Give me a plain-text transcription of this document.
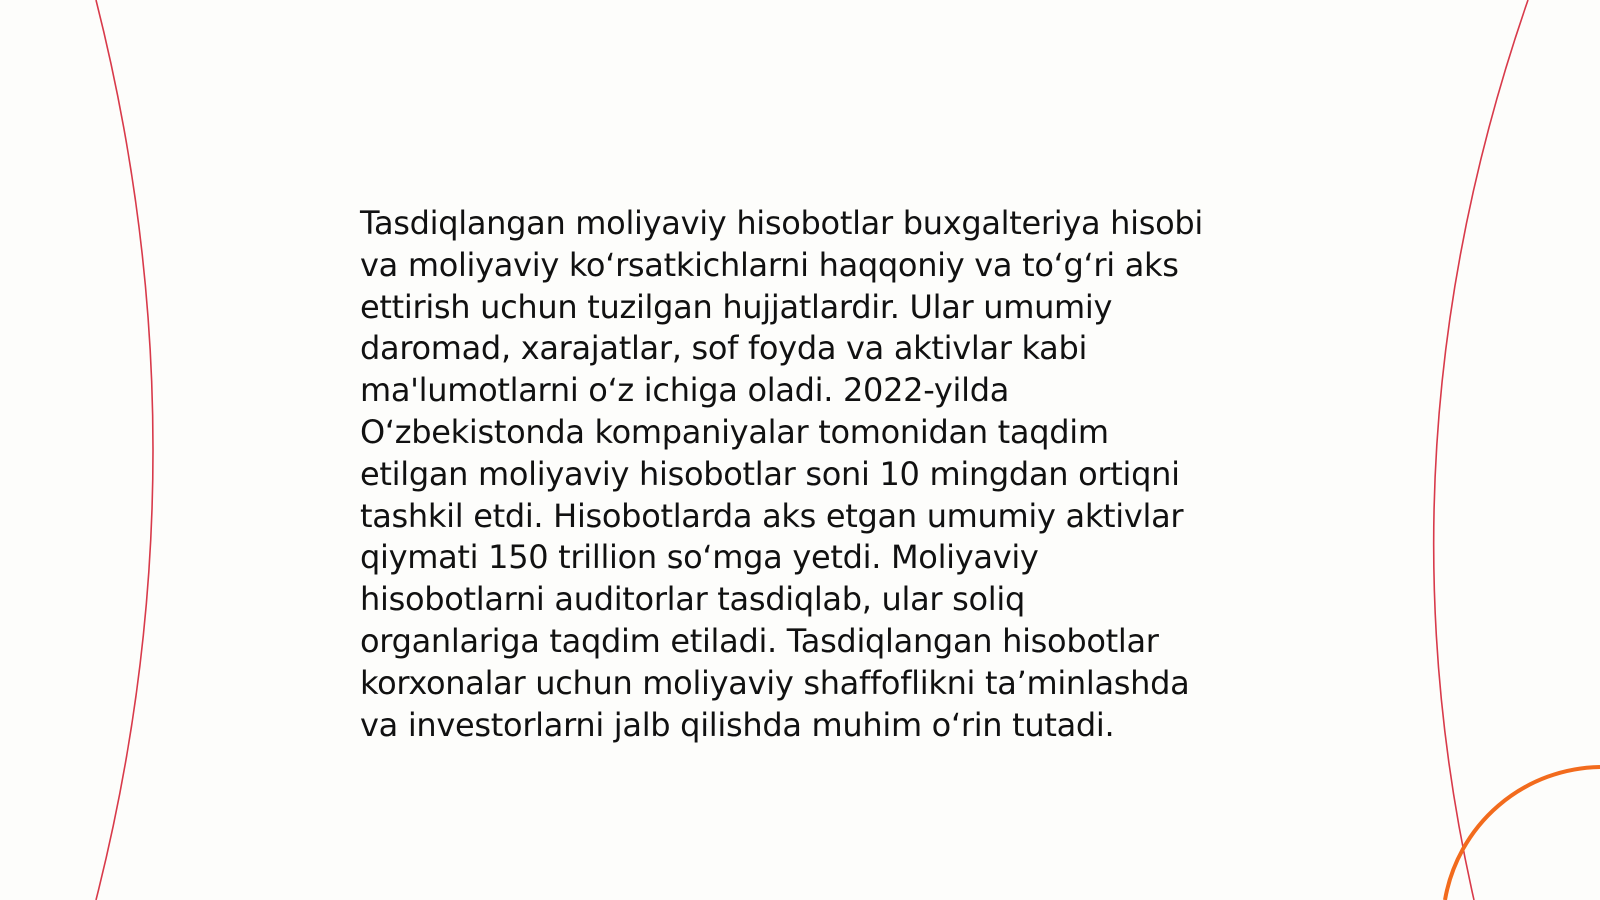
Tasdiqlangan moliyaviy hisobotlar buxgalteriya hisobi
va moliyaviy koʻrsatkichlarni haqqoniy va toʻgʻri aks
ettirish uchun tuzilgan hujjatlardir. Ular umumiy
daromad, xarajatlar, sof foyda va aktivlar kabi
ma'lumotlarni oʻz ichiga oladi. 2022-yilda
Oʻzbekistonda kompaniyalar tomonidan taqdim
etilgan moliyaviy hisobotlar soni 10 mingdan ortiqni
tashkil etdi. Hisobotlarda aks etgan umumiy aktivlar
qiymati 150 trillion soʻmga yetdi. Moliyaviy
hisobotlarni auditorlar tasdiqlab, ular soliq
organlariga taqdim etiladi. Tasdiqlangan hisobotlar
korxonalar uchun moliyaviy shaffoflikni taʼminlashda
va investorlarni jalb qilishda muhim oʻrin tutadi.
